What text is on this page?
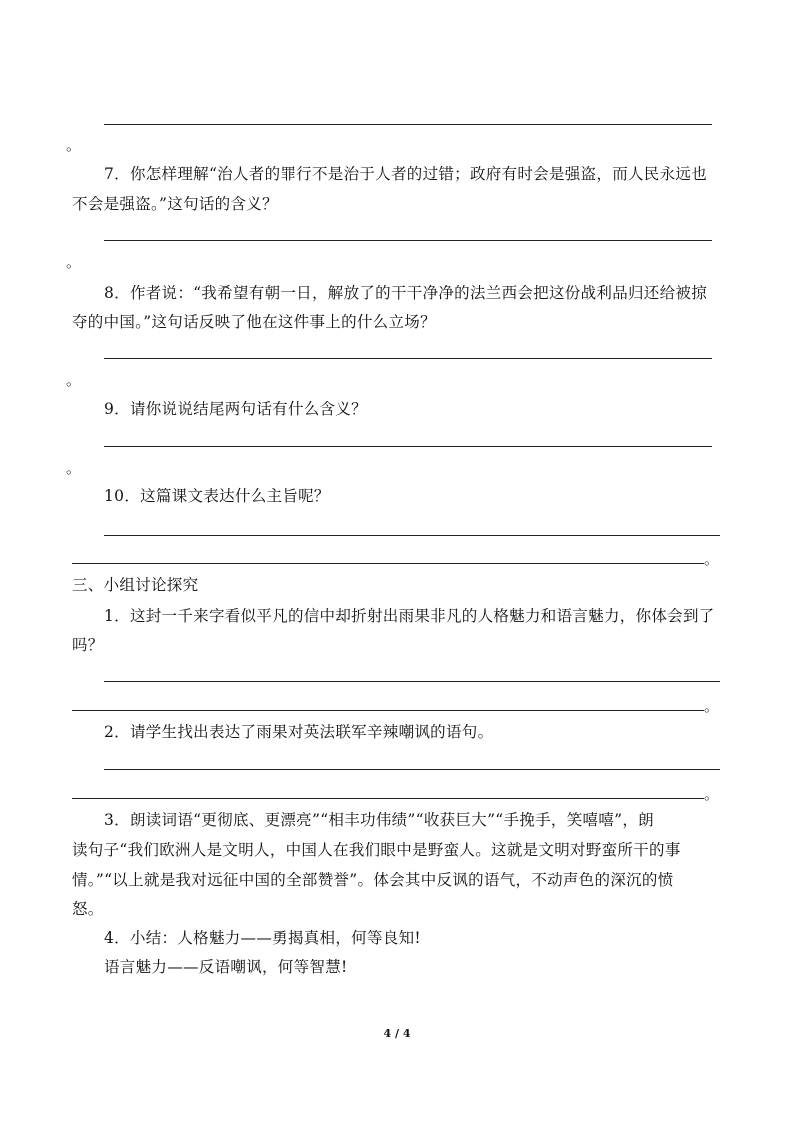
。
7．你怎样理解“治人者的罪行不是治于人者的过错；政府有时会是强盗，而人民永远也
不会是强盗。”这句话的含义？
。
8．作者说：“我希望有朝一日，解放了的干干净净的法兰西会把这份战利品归还给被掠
夺的中国。”这句话反映了他在这件事上的什么立场？
。
9．请你说说结尾两句话有什么含义？
。
10．这篇课文表达什么主旨呢？
。
三、小组讨论探究
1．这封一千来字看似平凡的信中却折射出雨果非凡的人格魅力和语言魅力，你体会到了
吗？
。
2．请学生找出表达了雨果对英法联军辛辣嘲讽的语句。
。
3．朗读词语“更彻底、更漂亮”“相丰功伟绩”“收获巨大”“手挽手，笑嘻嘻”，朗
读句子“我们欧洲人是文明人，中国人在我们眼中是野蛮人。这就是文明对野蛮所干的事
情。”“以上就是我对远征中国的全部赞誉”。体会其中反讽的语气，不动声色的深沉的愤
怒。
4．小结：人格魅力——勇揭真相，何等良知!
语言魅力——反语嘲讽，何等智慧!
4 / 4
